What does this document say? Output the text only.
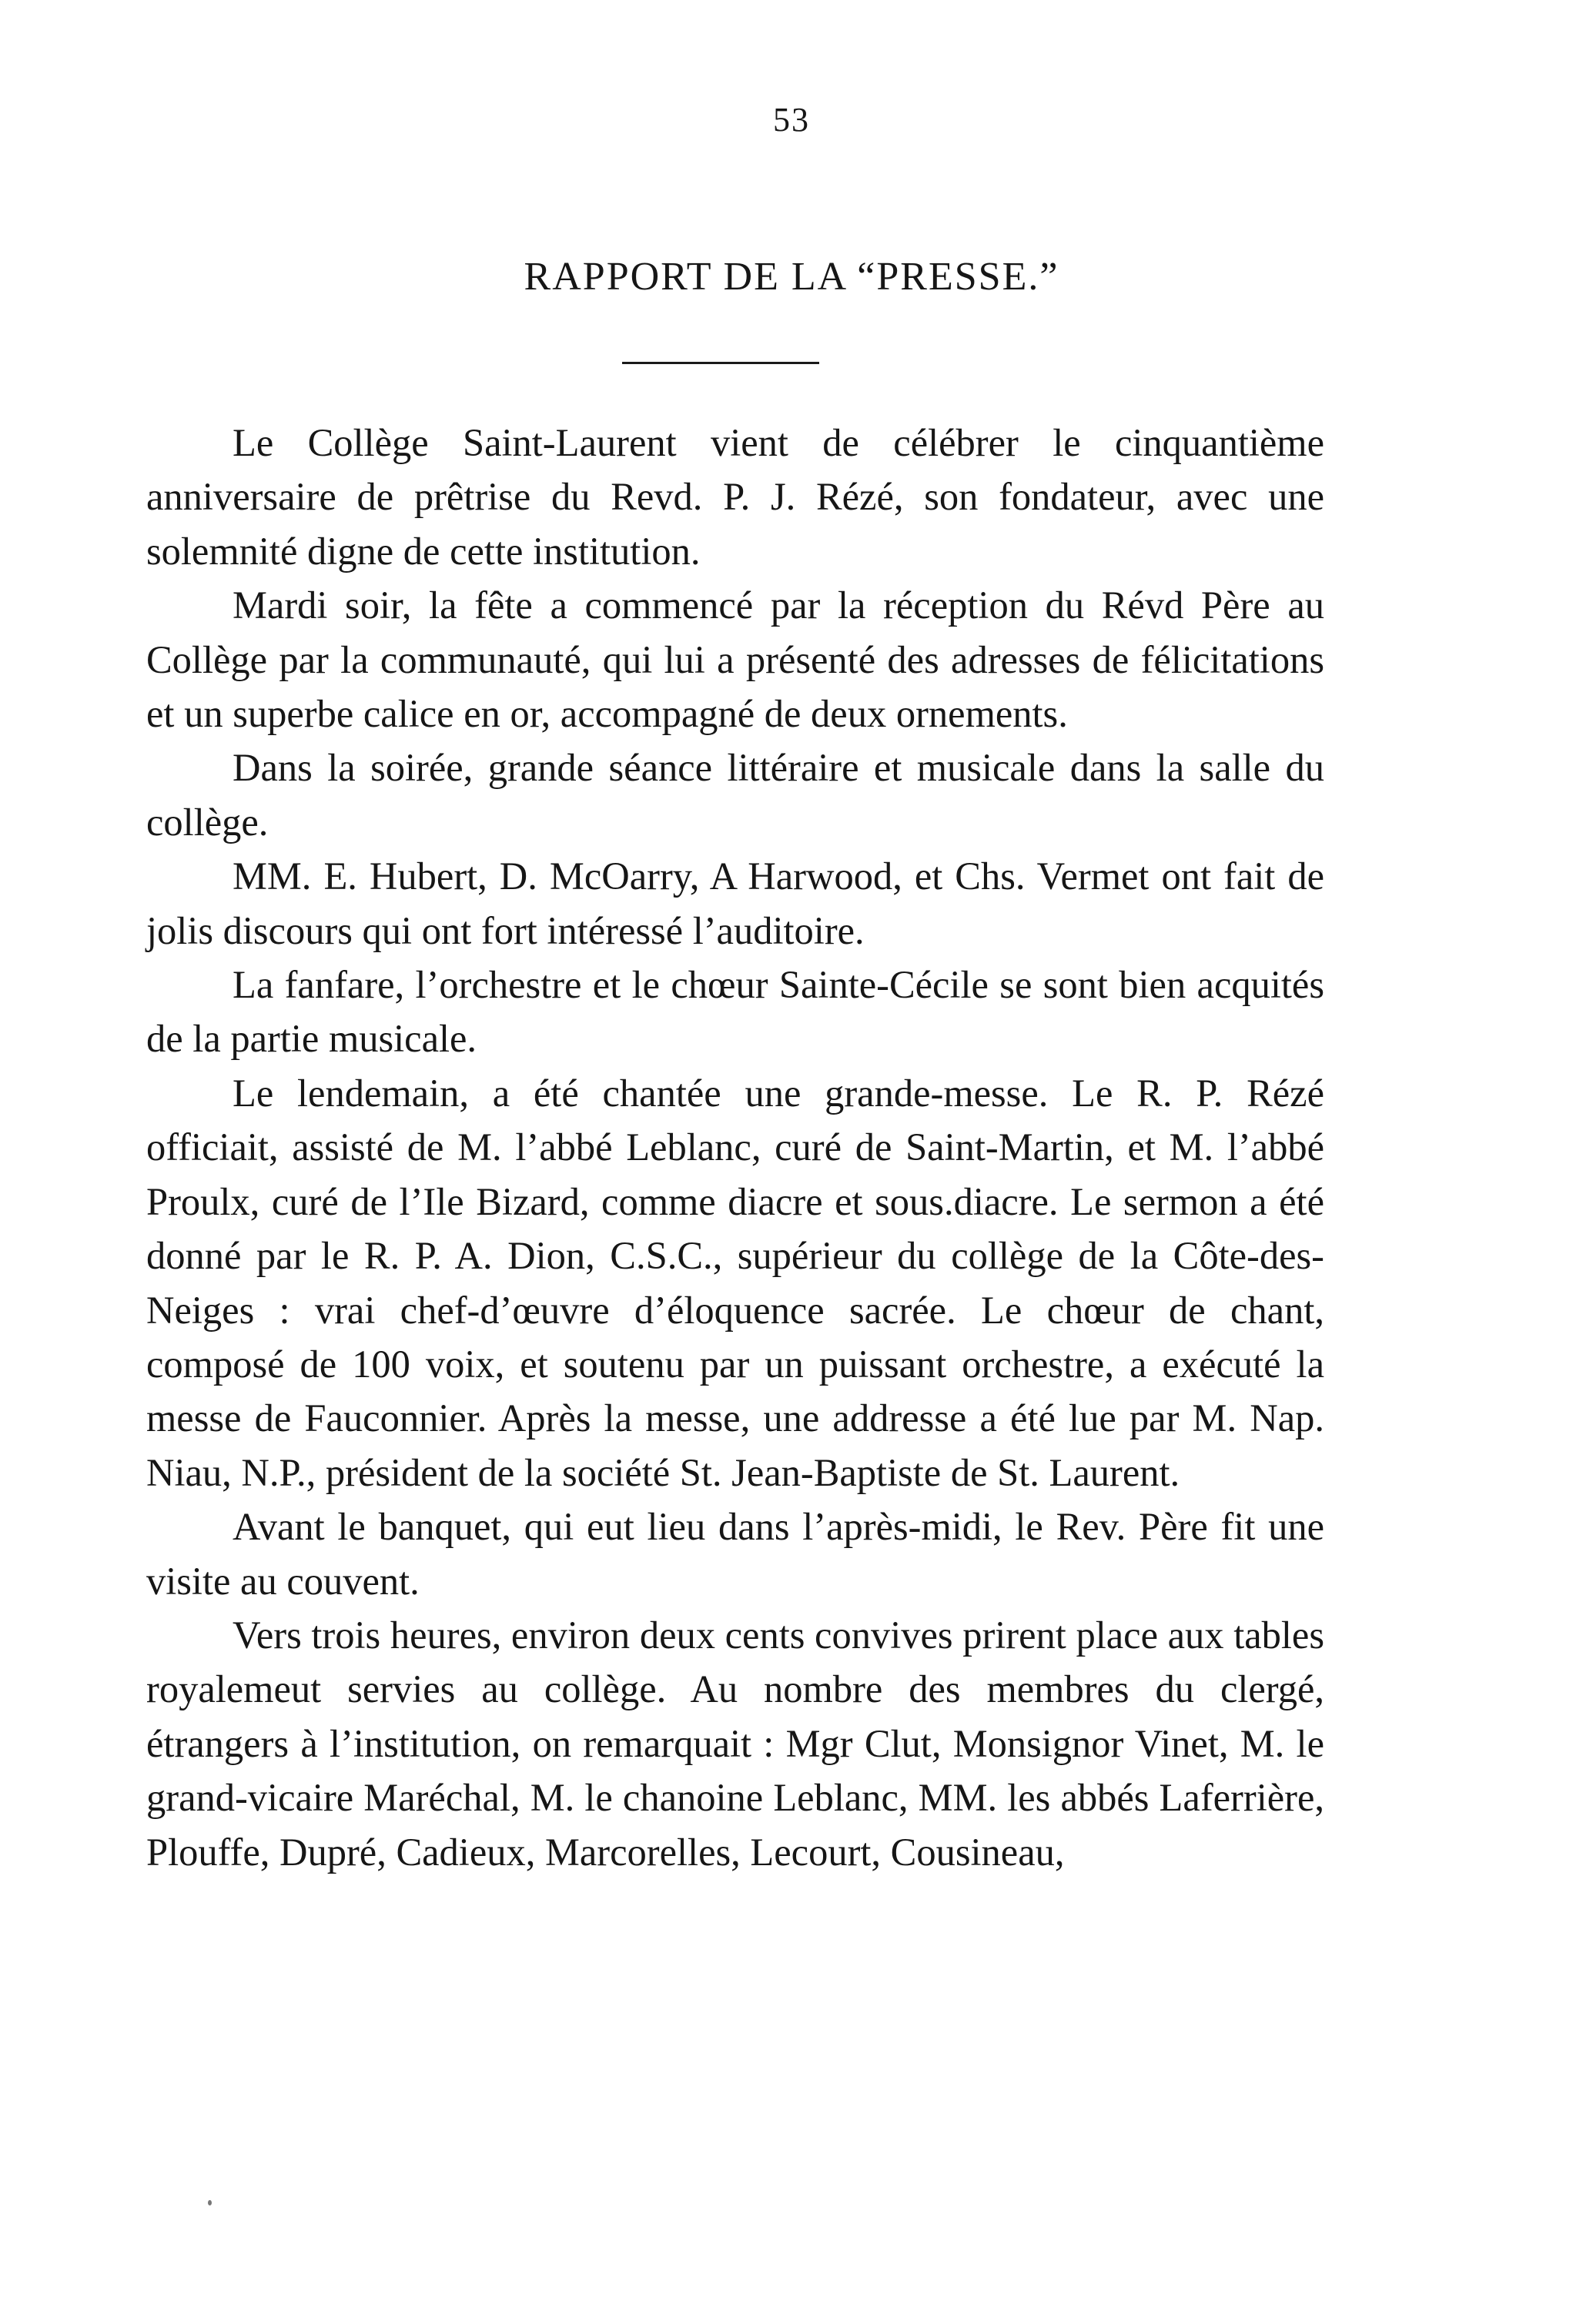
53
RAPPORT DE LA “PRESSE.”

Le Collège Saint-Laurent vient de célébrer le cinquantième anniversaire de prêtrise du Revd. P. J. Rézé, son fondateur, avec une solemnité digne de cette institution.

Mardi soir, la fête a commencé par la réception du Révd Père au Collège par la communauté, qui lui a présenté des adresses de félicitations et un superbe calice en or, accompagné de deux ornements.

Dans la soirée, grande séance littéraire et musicale dans la salle du collège.

MM. E. Hubert, D. McOarry, A Harwood, et Chs. Vermet ont fait de jolis discours qui ont fort intéressé l’auditoire.

La fanfare, l’orchestre et le chœur Sainte-Cécile se sont bien acquités de la partie musicale.

Le lendemain, a été chantée une grande-messe. Le R. P. Rézé officiait, assisté de M. l’abbé Leblanc, curé de Saint-Martin, et M. l’abbé Proulx, curé de l’Ile Bizard, comme diacre et sous.diacre. Le sermon a été donné par le R. P. A. Dion, C.S.C., supérieur du collège de la Côte-des-Neiges : vrai chef-d’œuvre d’éloquence sacrée. Le chœur de chant, composé de 100 voix, et soutenu par un puissant orchestre, a exécuté la messe de Fauconnier. Après la messe, une addresse a été lue par M. Nap. Niau, N.P., président de la société St. Jean-Baptiste de St. Laurent.

Avant le banquet, qui eut lieu dans l’après-midi, le Rev. Père fit une visite au couvent.

Vers trois heures, environ deux cents convives prirent place aux tables royalemeut servies au collège. Au nombre des membres du clergé, étrangers à l’institution, on remarquait : Mgr Clut, Monsignor Vinet, M. le grand-vicaire Maréchal, M. le chanoine Leblanc, MM. les abbés Laferrière, Plouffe, Dupré, Cadieux, Marcorelles, Lecourt, Cousineau,
